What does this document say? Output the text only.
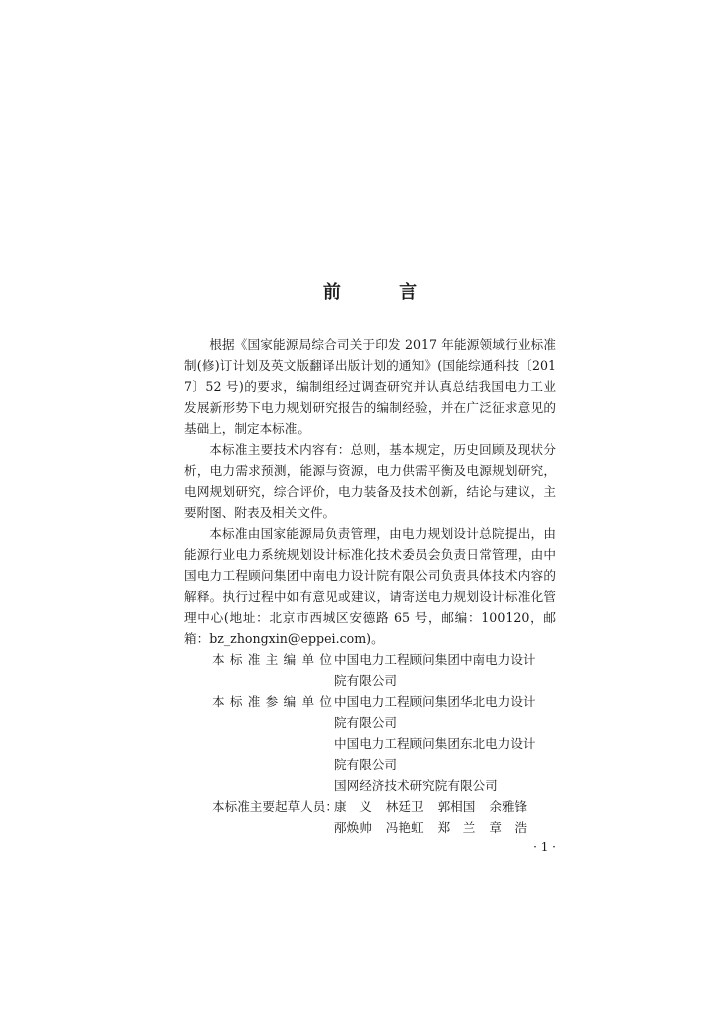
前 言

根据《国家能源局综合司关于印发 2017 年能源领域行业标准制(修)订计划及英文版翻译出版计划的通知》(国能综通科技〔2017〕52 号)的要求，编制组经过调查研究并认真总结我国电力工业发展新形势下电力规划研究报告的编制经验，并在广泛征求意见的基础上，制定本标准。

本标准主要技术内容有：总则，基本规定，历史回顾及现状分析，电力需求预测，能源与资源，电力供需平衡及电源规划研究，电网规划研究，综合评价，电力装备及技术创新，结论与建议，主要附图、附表及相关文件。

本标准由国家能源局负责管理，由电力规划设计总院提出，由能源行业电力系统规划设计标准化技术委员会负责日常管理，由中国电力工程顾问集团中南电力设计院有限公司负责具体技术内容的解释。执行过程中如有意见或建议，请寄送电力规划设计标准化管理中心(地址：北京市西城区安德路 65 号，邮编：100120，邮箱：bz_zhongxin@eppei.com)。

本标准主编单位：
中国电力工程顾问集团中南电力设计
院有限公司
本标准参编单位：
中国电力工程顾问集团华北电力设计
院有限公司
中国电力工程顾问集团东北电力设计
院有限公司
国网经济技术研究院有限公司
本标准主要起草人员：
康　义 林廷卫 郭相国 余雅锋
邴焕帅 冯艳虹 郑　兰 章　浩
· 1 ·
